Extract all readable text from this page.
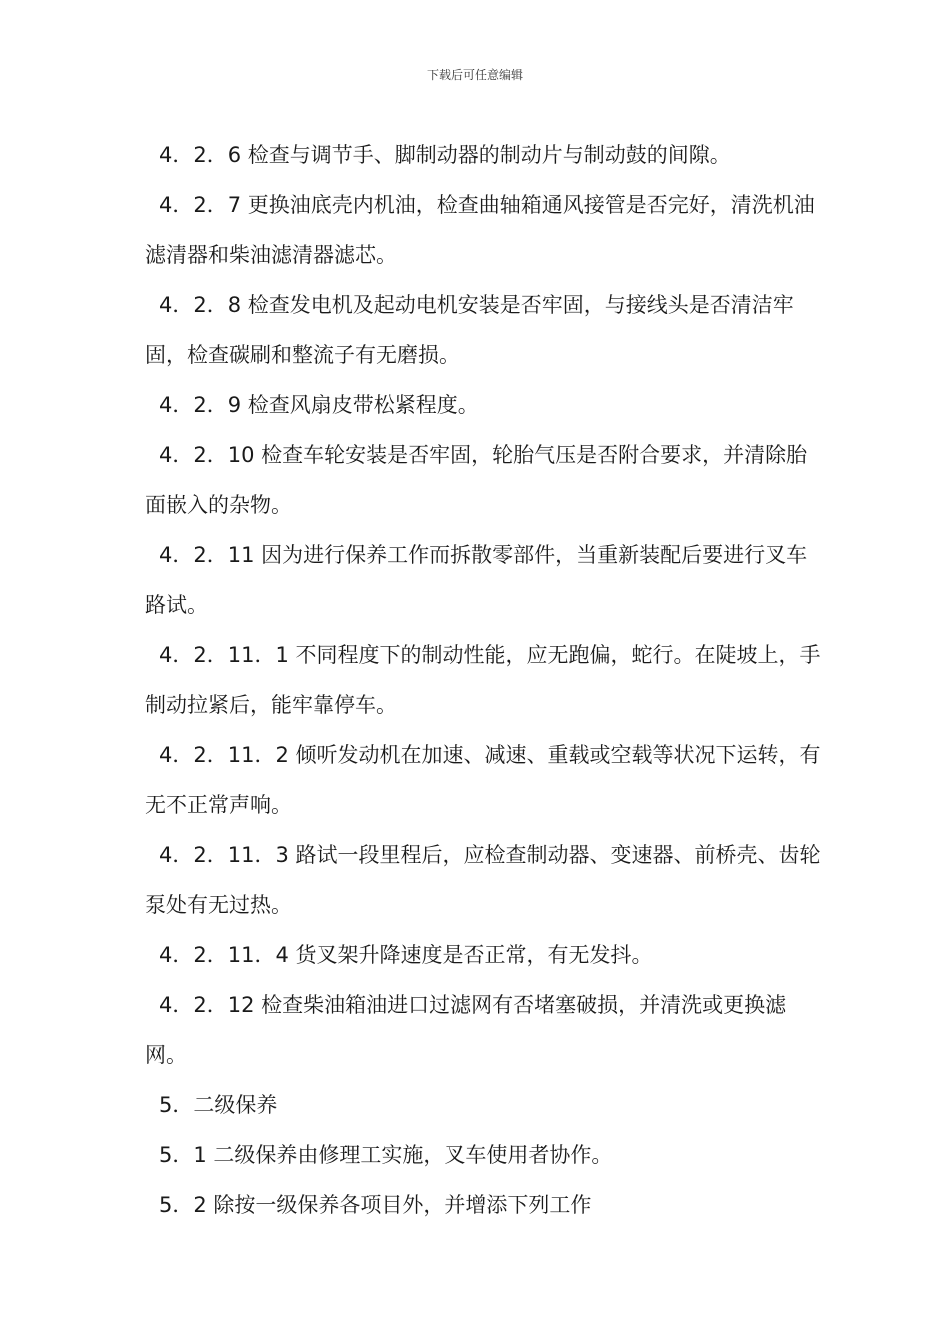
下载后可任意编辑

4．2．6 检查与调节手、脚制动器的制动片与制动鼓的间隙。

4．2．7 更换油底壳内机油，检查曲轴箱通风接管是否完好，清洗机油滤清器和柴油滤清器滤芯。

4．2．8 检查发电机及起动电机安装是否牢固，与接线头是否清洁牢固，检查碳刷和整流子有无磨损。

4．2．9 检查风扇皮带松紧程度。

4．2．10 检查车轮安装是否牢固，轮胎气压是否附合要求，并清除胎面嵌入的杂物。

4．2．11 因为进行保养工作而拆散零部件，当重新装配后要进行叉车路试。

4．2．11．1 不同程度下的制动性能，应无跑偏，蛇行。在陡坡上，手制动拉紧后，能牢靠停车。

4．2．11．2 倾听发动机在加速、减速、重载或空载等状况下运转，有无不正常声响。

4．2．11．3 路试一段里程后，应检查制动器、变速器、前桥壳、齿轮泵处有无过热。

4．2．11．4 货叉架升降速度是否正常，有无发抖。

4．2．12 检查柴油箱油进口过滤网有否堵塞破损，并清洗或更换滤网。

5．二级保养

5．1 二级保养由修理工实施，叉车使用者协作。

5．2 除按一级保养各项目外，并增添下列工作
